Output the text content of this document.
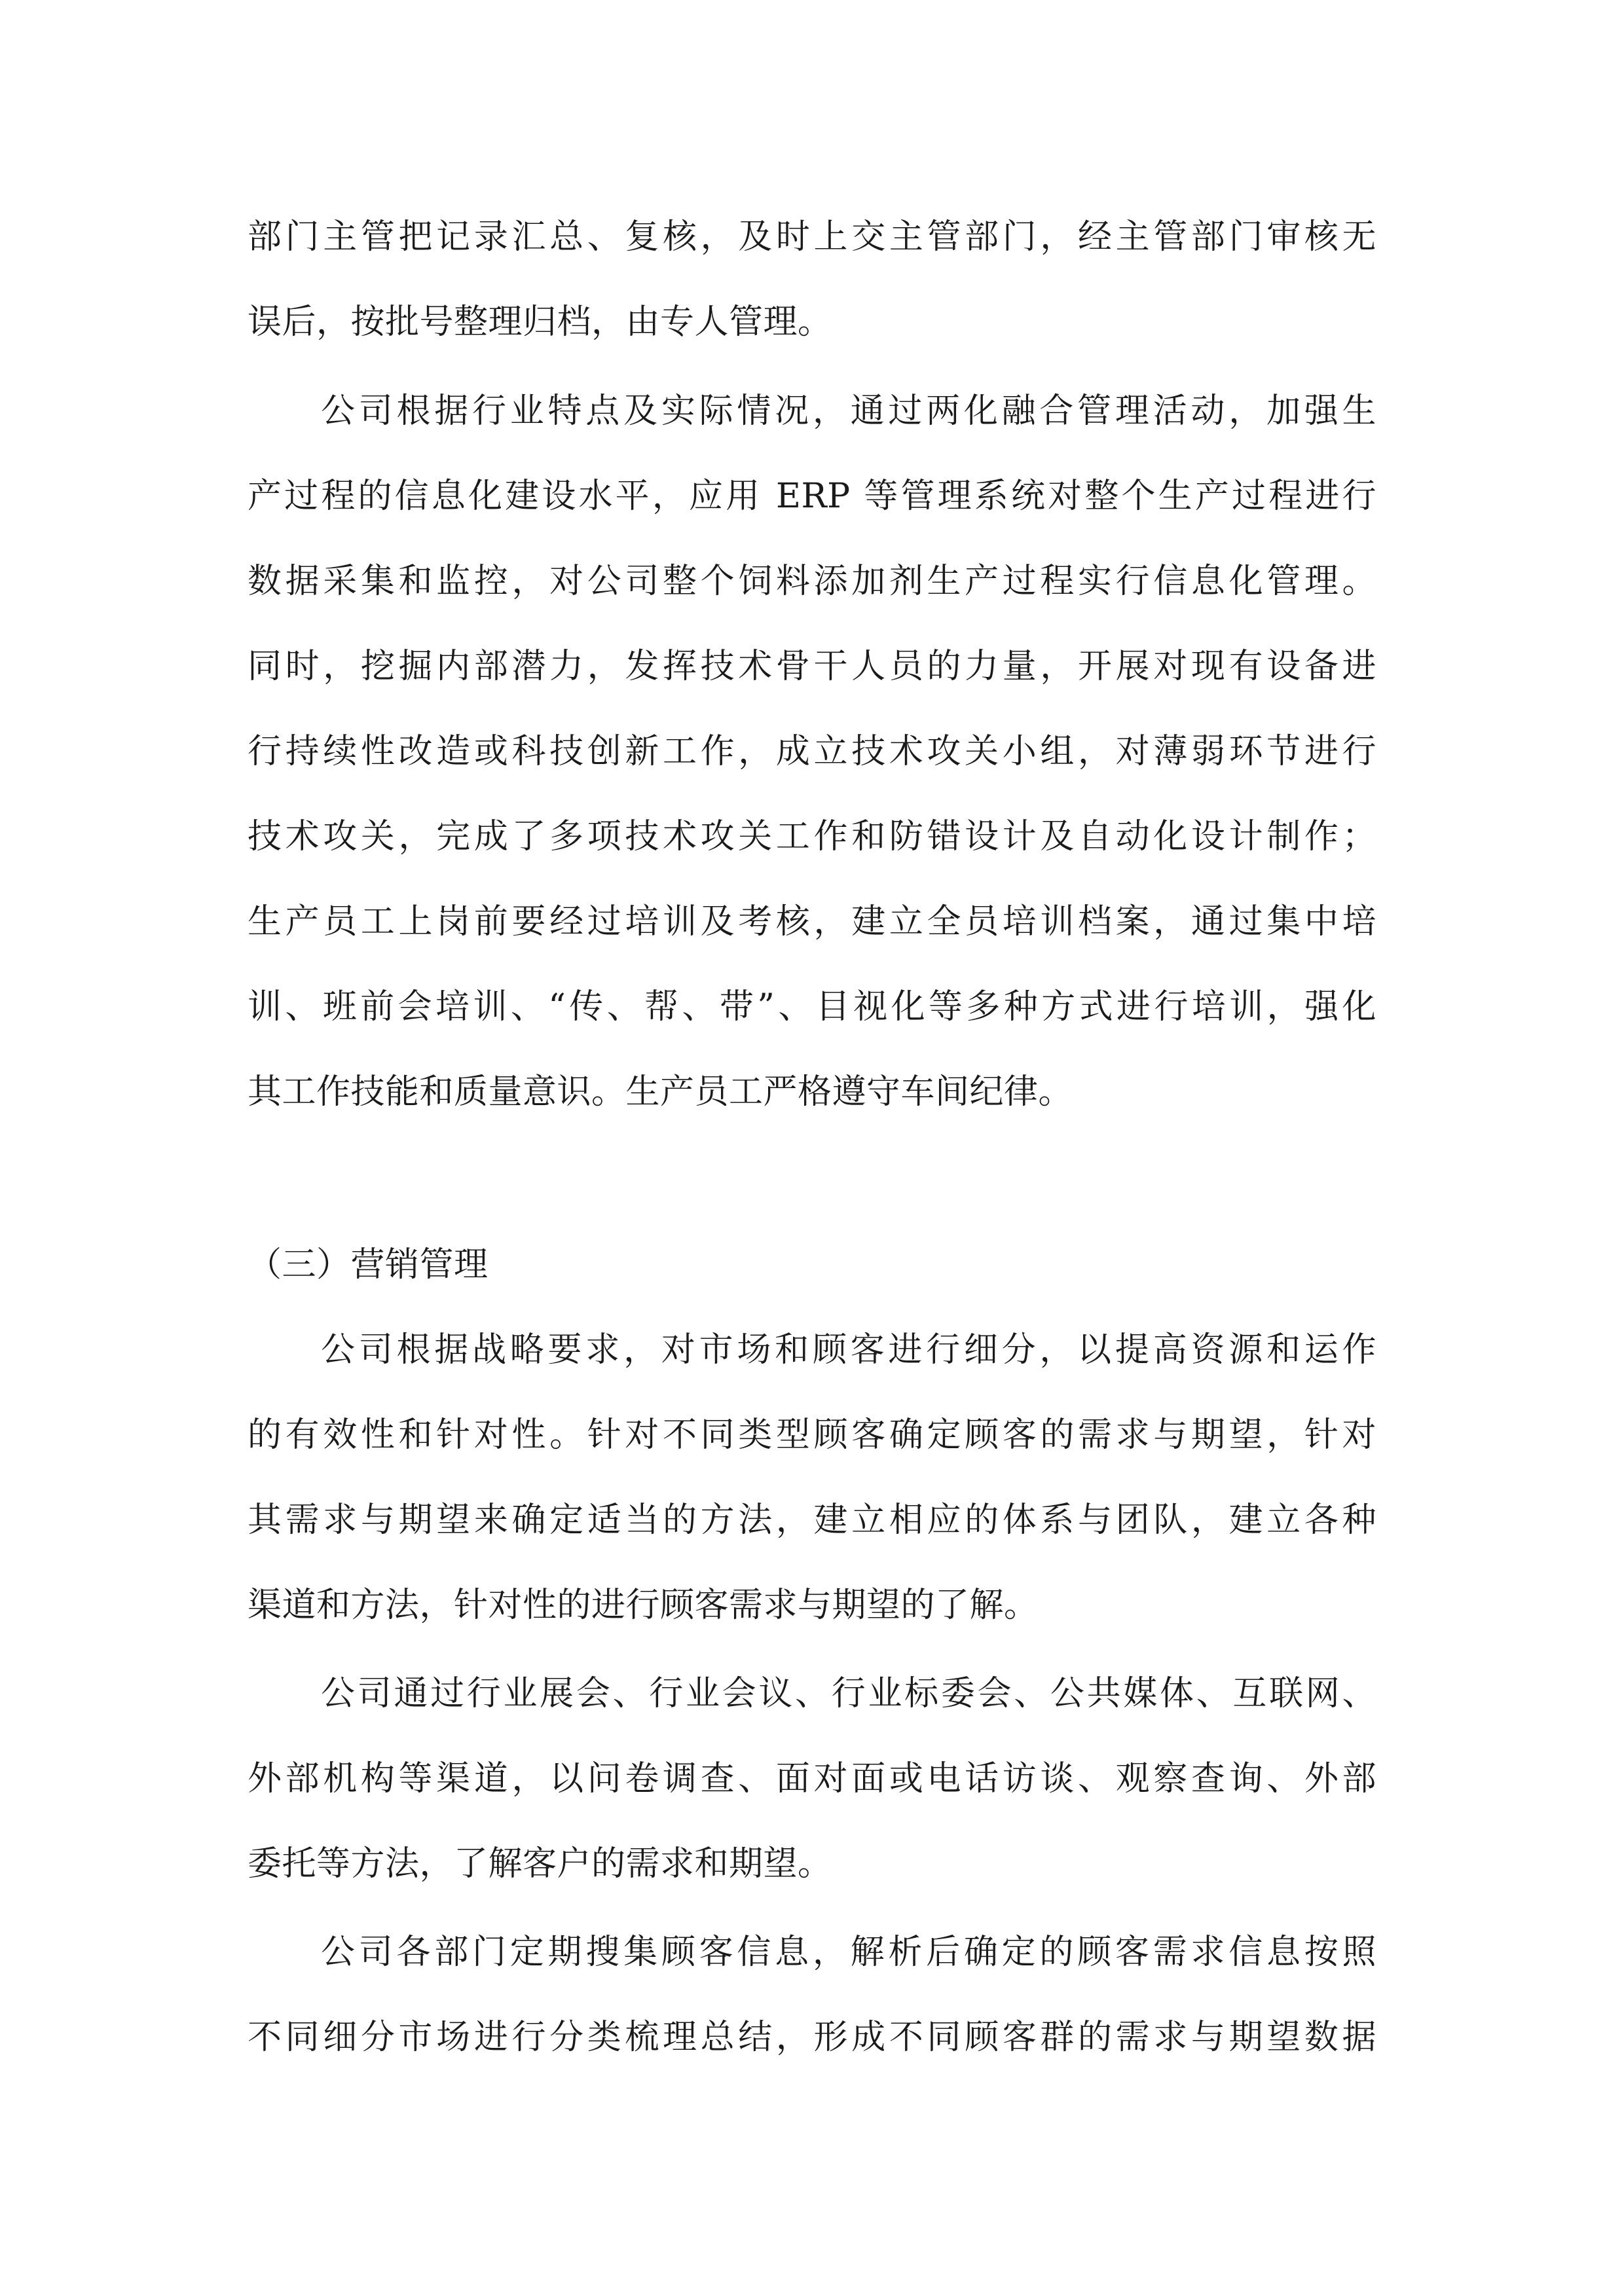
部门主管把记录汇总、复核，及时上交主管部门，经主管部门审核无
误后，按批号整理归档，由专人管理。
公司根据行业特点及实际情况，通过两化融合管理活动，加强生
产过程的信息化建设水平，应用 ERP 等管理系统对整个生产过程进行
数据采集和监控，对公司整个饲料添加剂生产过程实行信息化管理。
同时，挖掘内部潜力，发挥技术骨干人员的力量，开展对现有设备进
行持续性改造或科技创新工作，成立技术攻关小组，对薄弱环节进行
技术攻关，完成了多项技术攻关工作和防错设计及自动化设计制作；
生产员工上岗前要经过培训及考核，建立全员培训档案，通过集中培
训、班前会培训、“传、帮、带”、目视化等多种方式进行培训，强化
其工作技能和质量意识。生产员工严格遵守车间纪律。
（三）营销管理
公司根据战略要求，对市场和顾客进行细分，以提高资源和运作
的有效性和针对性。针对不同类型顾客确定顾客的需求与期望，针对
其需求与期望来确定适当的方法，建立相应的体系与团队，建立各种
渠道和方法，针对性的进行顾客需求与期望的了解。
公司通过行业展会、行业会议、行业标委会、公共媒体、互联网、
外部机构等渠道，以问卷调查、面对面或电话访谈、观察查询、外部
委托等方法，了解客户的需求和期望。
公司各部门定期搜集顾客信息，解析后确定的顾客需求信息按照
不同细分市场进行分类梳理总结，形成不同顾客群的需求与期望数据
